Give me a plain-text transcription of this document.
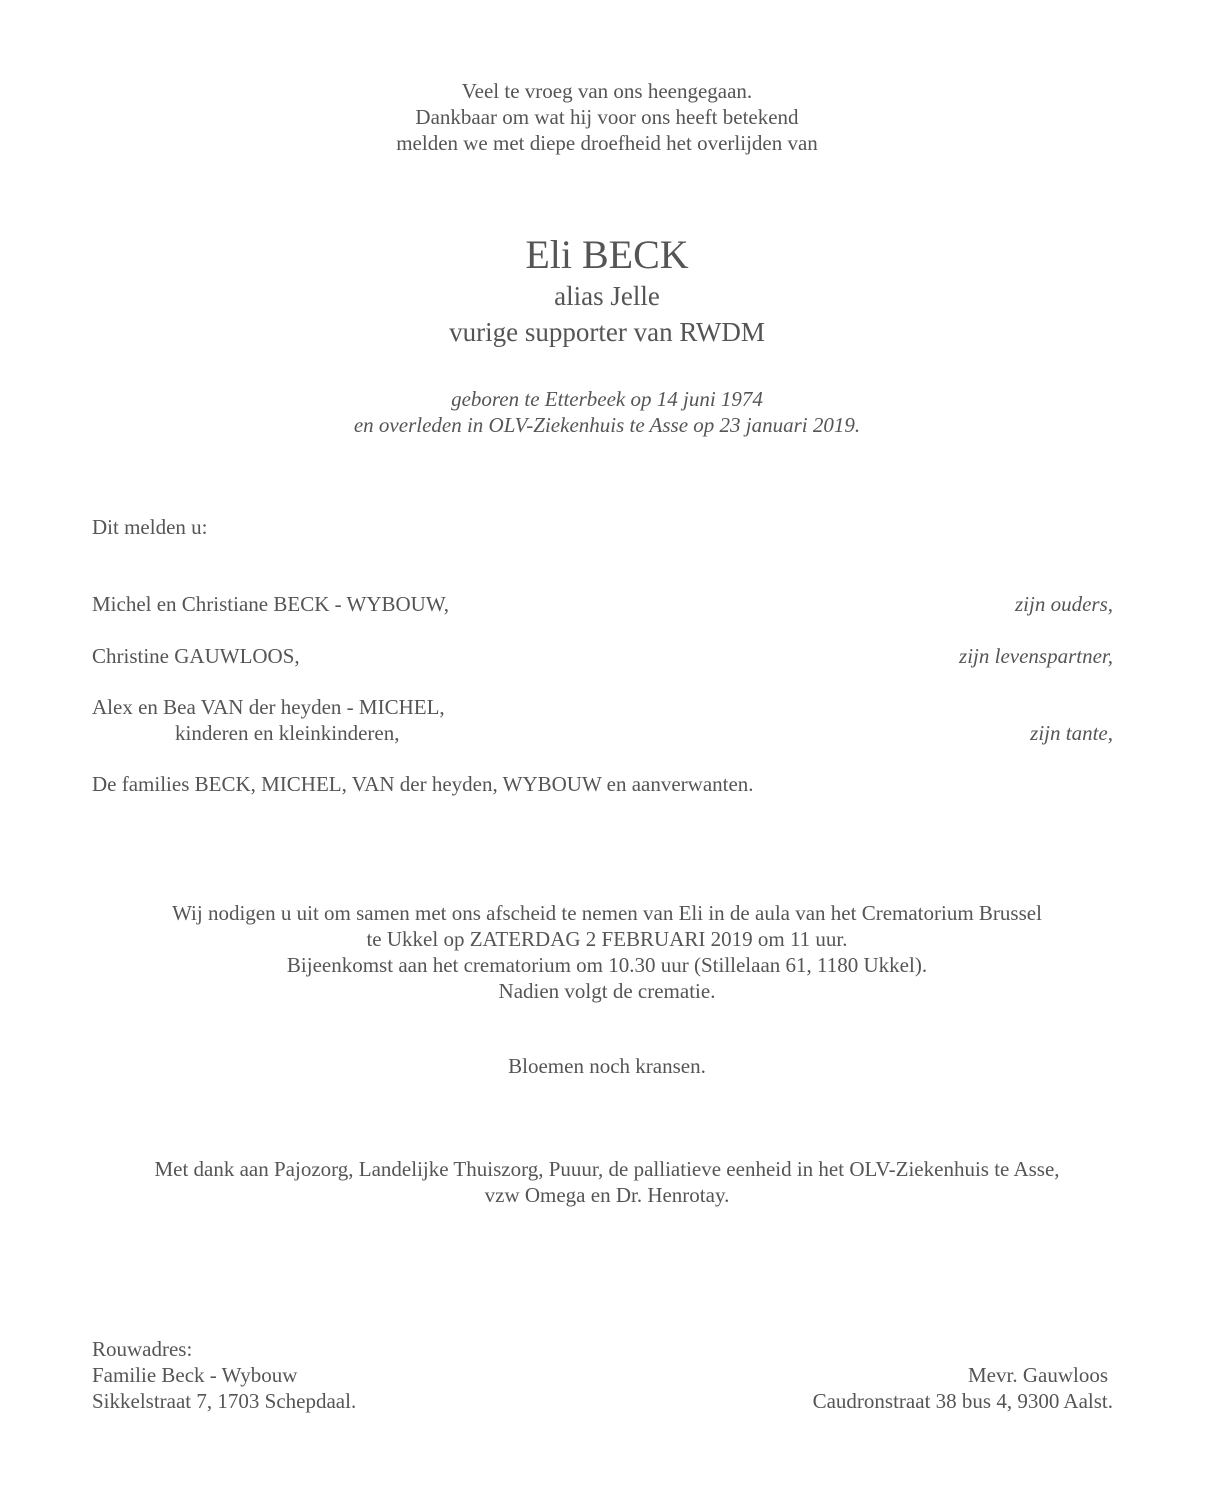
Veel te vroeg van ons heengegaan.
Dankbaar om wat hij voor ons heeft betekend
melden we met diepe droefheid het overlijden van
Eli BECK
alias Jelle
vurige supporter van RWDM
geboren te Etterbeek op 14 juni 1974
en overleden in OLV-Ziekenhuis te Asse op 23 januari 2019.
Dit melden u:
Michel en Christiane BECK - WYBOUW,	zijn ouders,
Christine GAUWLOOS,	zijn levenspartner,
Alex en Bea VAN der heyden - MICHEL,
kinderen en kleinkinderen,	zijn tante,
De families BECK, MICHEL, VAN der heyden, WYBOUW en aanverwanten.
Wij nodigen u uit om samen met ons afscheid te nemen van Eli in de aula van het Crematorium Brussel
te Ukkel op ZATERDAG 2 FEBRUARI 2019 om 11 uur.
Bijeenkomst aan het crematorium om 10.30 uur (Stillelaan 61, 1180 Ukkel).
Nadien volgt de crematie.
Bloemen noch kransen.
Met dank aan Pajozorg, Landelijke Thuiszorg, Puuur, de palliatieve eenheid in het OLV-Ziekenhuis te Asse,
vzw Omega en Dr. Henrotay.
Rouwadres:
Familie Beck - Wybouw
Sikkelstraat 7, 1703 Schepdaal.
Mevr. Gauwloos
Caudronstraat 38 bus 4, 9300 Aalst.
